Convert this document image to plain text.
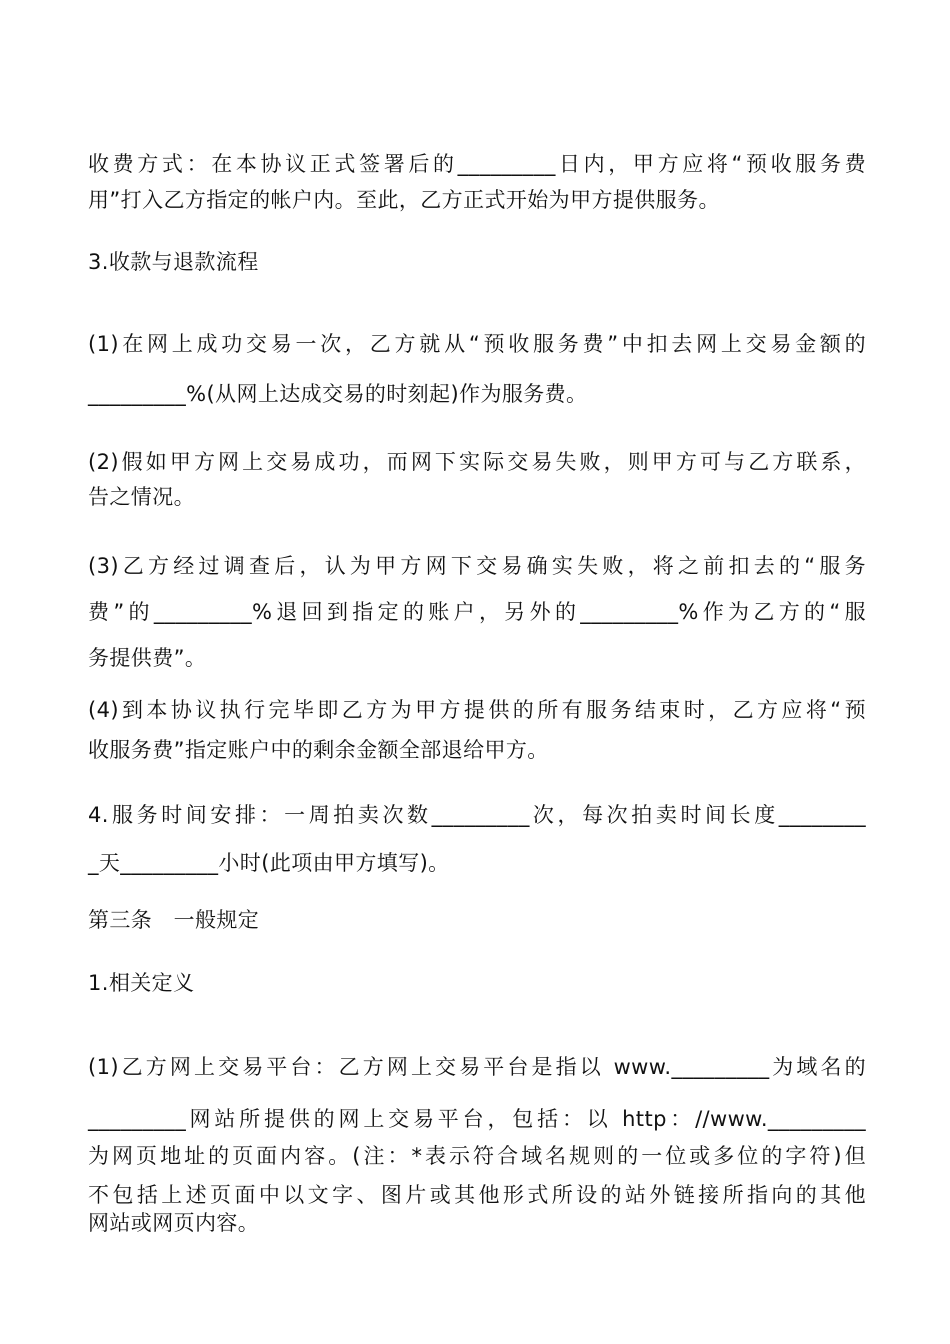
收费方式：在本协议正式签署后的_________日内，甲方应将“预收服务费
用”打入乙方指定的帐户内。至此，乙方正式开始为甲方提供服务。

3.收款与退款流程

(1)在网上成功交易一次，乙方就从“预收服务费”中扣去网上交易金额的
_________%(从网上达成交易的时刻起)作为服务费。

(2)假如甲方网上交易成功，而网下实际交易失败，则甲方可与乙方联系，
告之情况。

(3)乙方经过调查后，认为甲方网下交易确实失败，将之前扣去的“服务
费”的_________%退回到指定的账户，另外的_________%作为乙方的“服
务提供费”。

(4)到本协议执行完毕即乙方为甲方提供的所有服务结束时，乙方应将“预
收服务费”指定账户中的剩余金额全部退给甲方。

4.服务时间安排：一周拍卖次数_________次，每次拍卖时间长度________
_天_________小时(此项由甲方填写)。

第三条　一般规定

1.相关定义

(1)乙方网上交易平台：乙方网上交易平台是指以 www._________为域名的
_________网站所提供的网上交易平台，包括：以 http：//www._________

为网页地址的页面内容。(注：*表示符合域名规则的一位或多位的字符)但

不包括上述页面中以文字、图片或其他形式所设的站外链接所指向的其他
网站或网页内容。
